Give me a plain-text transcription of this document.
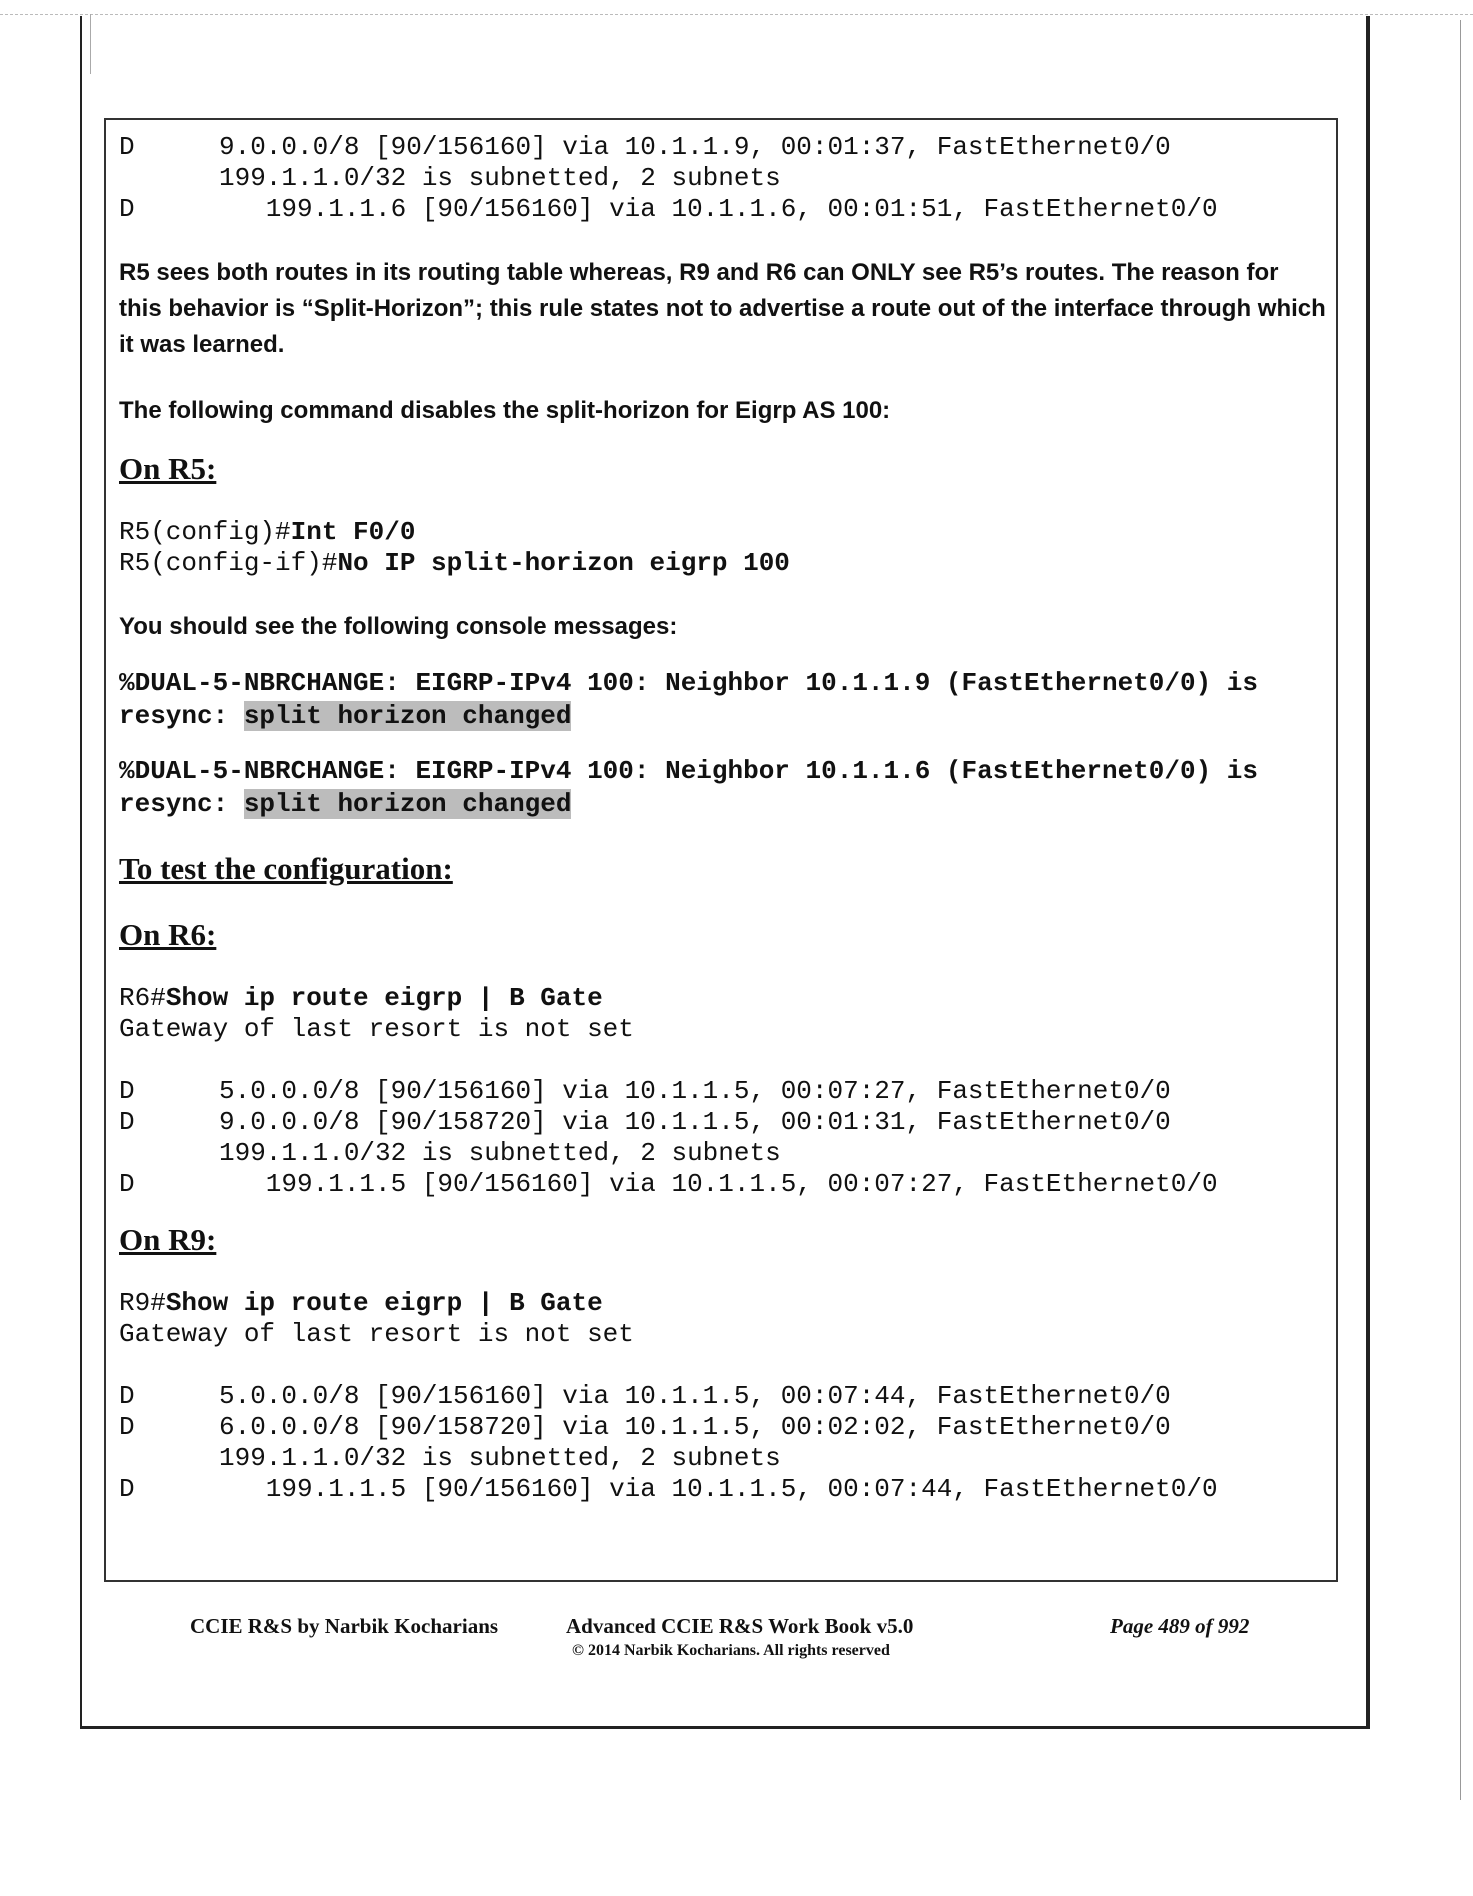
D	9.0.0.0/8 [90/156160] via 10.1.1.9, 00:01:37, FastEthernet0/0
199.1.1.0/32 is subnetted, 2 subnets
D	199.1.1.6 [90/156160] via 10.1.1.6, 00:01:51, FastEthernet0/0
R5 sees both routes in its routing table whereas, R9 and R6 can ONLY see R5’s routes. The reason for this behavior is “Split-Horizon”; this rule states not to advertise a route out of the interface through which it was learned.
The following command disables the split-horizon for Eigrp AS 100:
On R5:
R5(config)#Int F0/0
R5(config-if)#No IP split-horizon eigrp 100
You should see the following console messages:
%DUAL-5-NBRCHANGE: EIGRP-IPv4 100: Neighbor 10.1.1.9 (FastEthernet0/0) is resync: split horizon changed
%DUAL-5-NBRCHANGE: EIGRP-IPv4 100: Neighbor 10.1.1.6 (FastEthernet0/0) is resync: split horizon changed
To test the configuration:
On R6:
R6#Show ip route eigrp | B Gate
Gateway of last resort is not set

D	5.0.0.0/8 [90/156160] via 10.1.1.5, 00:07:27, FastEthernet0/0
D	9.0.0.0/8 [90/158720] via 10.1.1.5, 00:01:31, FastEthernet0/0
199.1.1.0/32 is subnetted, 2 subnets
D	199.1.1.5 [90/156160] via 10.1.1.5, 00:07:27, FastEthernet0/0
On R9:
R9#Show ip route eigrp | B Gate
Gateway of last resort is not set

D	5.0.0.0/8 [90/156160] via 10.1.1.5, 00:07:44, FastEthernet0/0
D	6.0.0.0/8 [90/158720] via 10.1.1.5, 00:02:02, FastEthernet0/0
199.1.1.0/32 is subnetted, 2 subnets
D	199.1.1.5 [90/156160] via 10.1.1.5, 00:07:44, FastEthernet0/0
CCIE R&S by Narbik Kocharians	Advanced CCIE R&S Work Book v5.0
© 2014 Narbik Kocharians. All rights reserved
Page 489 of 992
